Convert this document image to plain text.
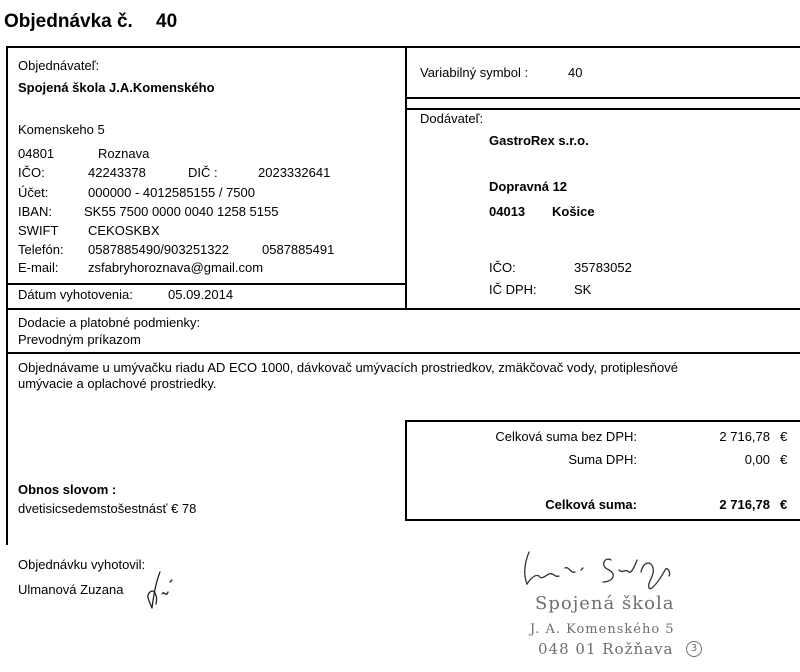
Objednávka č. 40
Objednávateľ:
Spojená škola J.A.Komenského
Komenskeho 5
04801	Roznava
IČO:	42243378	DIČ :	2023332641
Účet:	000000 - 4012585155 / 7500
IBAN: SK55 7500 0000 0040 1258 5155
SWIFT CEKOSKBX
Telefón: 0587885490/903251322	0587885491
E-mail: zsfabryhoroznava@gmail.com
Dátum vyhotovenia:	05.09.2014
Variabilný symbol :	40
Dodávateľ:
GastroRex s.r.o.
Dopravná 12
04013 Košice
IČO:	35783052
IČ DPH:	SK
Dodacie a platobné podmienky:
Prevodným príkazom
Objednávame u umývačku riadu AD ECO 1000, dávkovač umývacích prostriedkov, zmäkčovač vody, protiplesňové
umývacie a oplachové prostriedky.
Celková suma bez DPH:	2 716,78 €
Suma DPH:	0,00 €
Celková suma:	2 716,78 €
Obnos slovom :
dvetisicsedemstošestnásť € 78
Objednávku vyhotovil:
Ulmanová Zuzana
Spojená škola
J. A. Komenského 5
048 01 Rožňava	3
